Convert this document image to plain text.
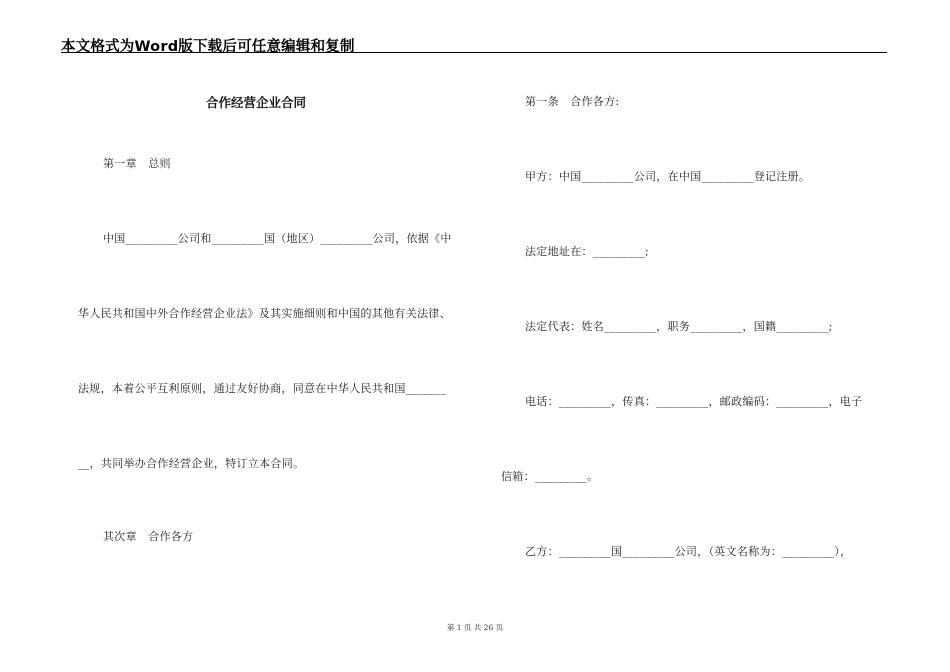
本文格式为Word版下载后可任意编辑和复制
合作经营企业合同
第一章　总则
中国_________公司和_________国（地区）_________公司，依据《中
华人民共和国中外合作经营企业法》及其实施细则和中国的其他有关法律、
法规，本着公平互利原则，通过友好协商，同意在中华人民共和国_______
__，共同举办合作经营企业，特订立本合同。
其次章　合作各方
第一条　合作各方:
甲方：中国_________公司，在中国_________登记注册。
法定地址在：_________;
法定代表：姓名_________，职务_________，国籍_________;
电话：_________，传真：_________，邮政编码：_________，电子
信箱：_________。
乙方：_________国_________公司，（英文名称为：_________），
第 1 页 共 26 页
